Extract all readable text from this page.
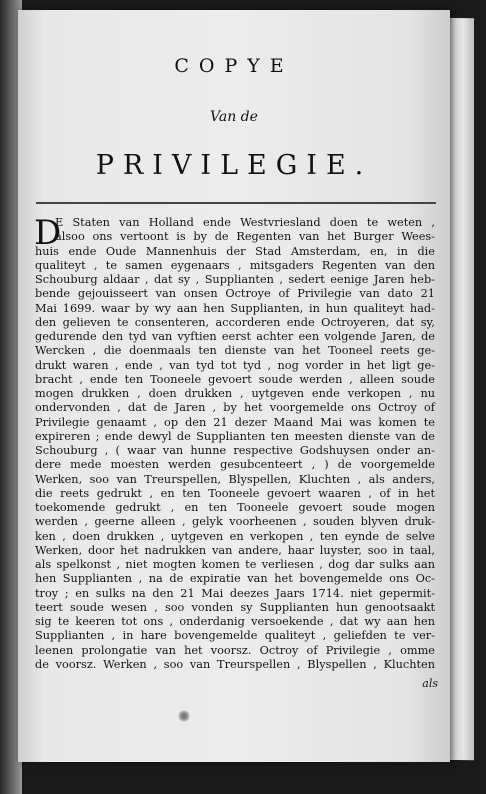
COPYE
Van de
PRIVILEGIE.
D
E Staten van Holland ende Westvriesland doen te weten ,
alsoo ons vertoont is by de Regenten van het Burger Wees-
huis ende Oude Mannenhuis der Stad Amsterdam, en, in die
qualiteyt , te samen eygenaars , mitsgaders Regenten van den
Schouburg aldaar , dat sy , Supplianten , sedert eenige Jaren heb-
bende gejouisseert van onsen Octroye of Privilegie van dato 21
Mai 1699. waar by wy aan hen Supplianten, in hun qualiteyt had-
den gelieven te consenteren, accorderen ende Octroyeren, dat sy,
gedurende den tyd van vyftien eerst achter een volgende Jaren, de
Wercken , die doenmaals ten dienste van het Tooneel reets ge-
drukt waren , ende , van tyd tot tyd , nog vorder in het ligt ge-
bracht , ende ten Tooneele gevoert soude werden , alleen soude
mogen drukken , doen drukken , uytgeven ende verkopen , nu
ondervonden , dat de Jaren , by het voorgemelde ons Octroy of
Privilegie genaamt , op den 21 dezer Maand Mai was komen te
expireren ; ende dewyl de Supplianten ten meesten dienste van de
Schouburg , ( waar van hunne respective Godshuysen onder an-
dere mede moesten werden gesubcenteert , ) de voorgemelde
Werken, soo van Treurspellen, Blyspellen, Kluchten , als anders,
die reets gedrukt , en ten Tooneele gevoert waaren , of in het
toekomende gedrukt , en ten Tooneele gevoert soude mogen
werden , geerne alleen , gelyk voorheenen , souden blyven druk-
ken , doen drukken , uytgeven en verkopen , ten eynde de selve
Werken, door het nadrukken van andere, haar luyster, soo in taal,
als spelkonst , niet mogten komen te verliesen , dog dar sulks aan
hen Supplianten , na de expiratie van het bovengemelde ons Oc-
troy ; en sulks na den 21 Mai deezes Jaars 1714. niet gepermit-
teert soude wesen , soo vonden sy Supplianten hun genootsaakt
sig te keeren tot ons , onderdanig versoekende , dat wy aan hen
Supplianten , in hare bovengemelde qualiteyt , geliefden te ver-
leenen prolongatie van het voorsz. Octroy of Privilegie , omme
de voorsz. Werken , soo van Treurspellen , Blyspellen , Kluchten
als
